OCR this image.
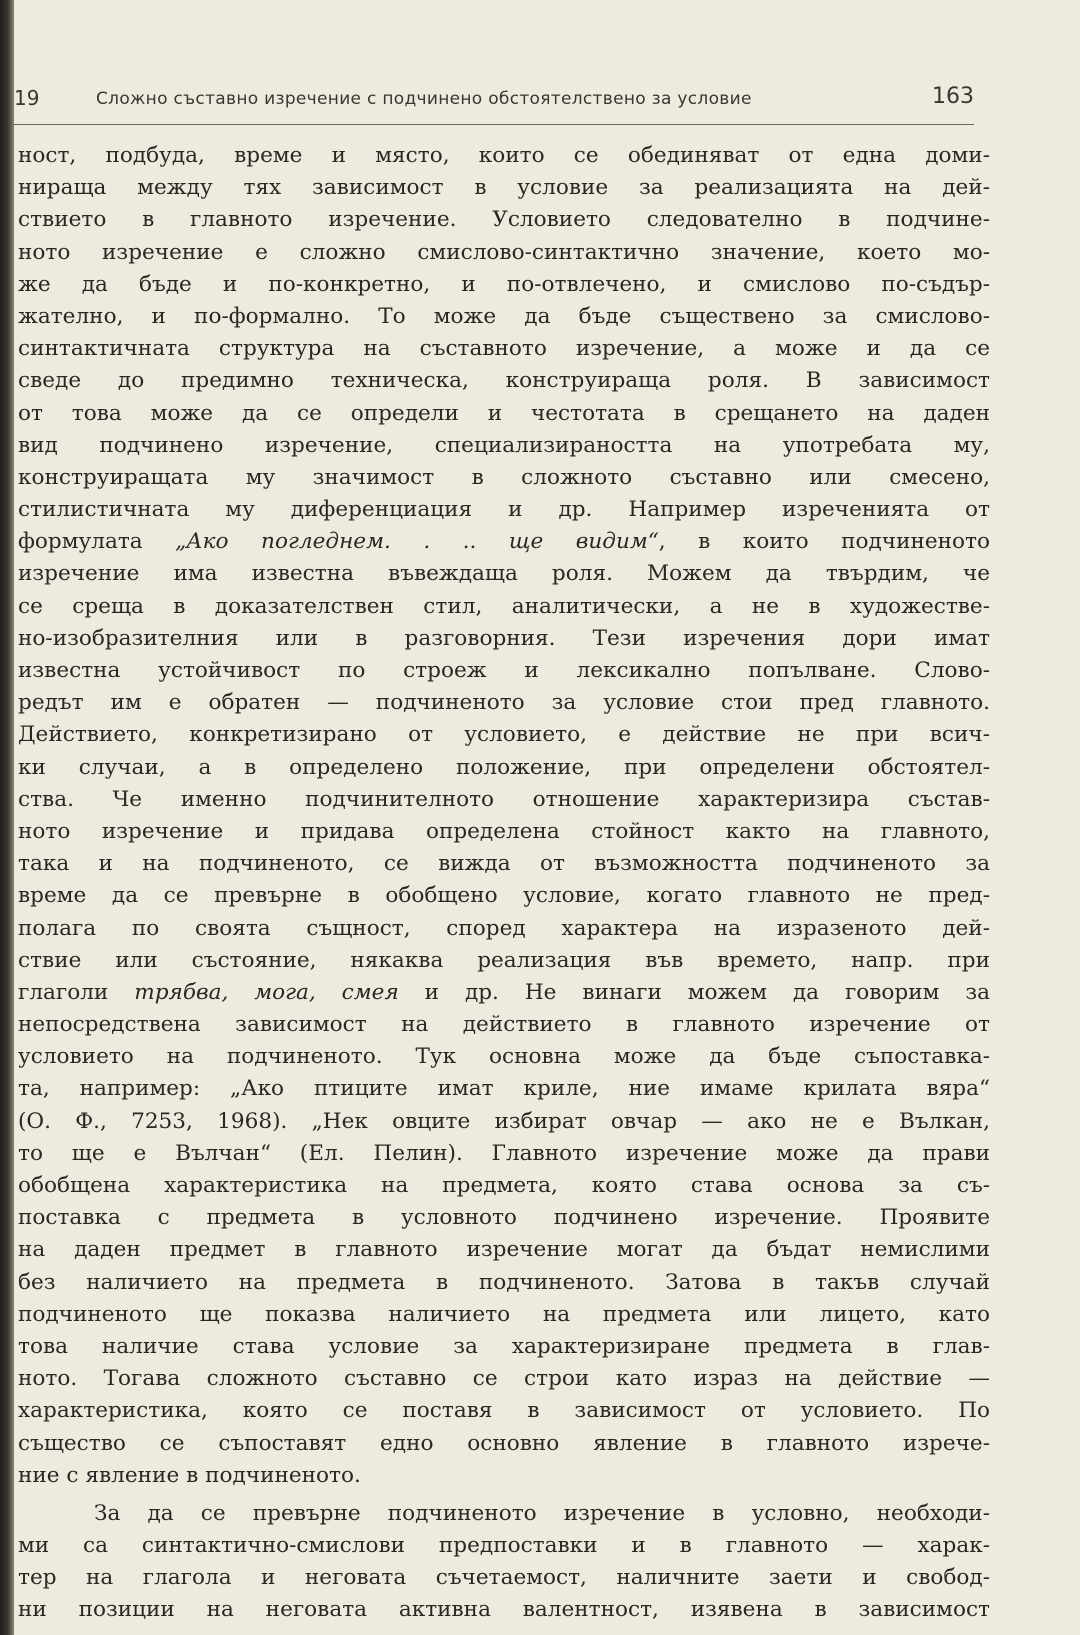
19	Сложно съставно изречение с подчинено обстоятелствено за условие	163
ност, подбуда, време и място, които се обединяват от една доми-
нираща между тях зависимост в условие за реализацията на дей-
ствието в главното изречение. Условието следователно в подчине-
ното изречение е сложно смислово-синтактично значение, което мо-
же да бъде и по-конкретно, и по-отвлечено, и смислово по-съдър-
жателно, и по-формално. То може да бъде съществено за смислово-
синтактичната структура на съставното изречение, а може и да се
сведе до предимно техническа, конструираща роля. В зависимост
от това може да се определи и честотата в срещането на даден
вид подчинено изречение, специализираността на употребата му,
конструиращата му значимост в сложното съставно или смесено,
стилистичната му диференциация и др. Например изреченията от
формулата „Ако погледнем. . .. ще видим“, в които подчиненото
изречение има известна въвеждаща роля. Можем да твърдим, че
се среща в доказателствен стил, аналитически, а не в художестве-
но-изобразителния или в разговорния. Тези изречения дори имат
известна устойчивост по строеж и лексикално попълване. Слово-
редът им е обратен — подчиненото за условие стои пред главното.
Действието, конкретизирано от условието, е действие не при всич-
ки случаи, а в определено положение, при определени обстоятел-
ства. Че именно подчинителното отношение характеризира състав-
ното изречение и придава определена стойност както на главното,
така и на подчиненото, се вижда от възможността подчиненото за
време да се превърне в обобщено условие, когато главното не пред-
полага по своята същност, според характера на изразеното дей-
ствие или състояние, някаква реализация във времето, напр. при
глаголи трябва, мога, смея и др. Не винаги можем да говорим за
непосредствена зависимост на действието в главното изречение от
условието на подчиненото. Тук основна може да бъде съпоставка-
та, например: „Ако птиците имат криле, ние имаме крилата вяра“
(О. Ф., 7253, 1968). „Нек овците избират овчар — ако не е Вълкан,
то ще е Вълчан“ (Ел. Пелин). Главното изречение може да прави
обобщена характеристика на предмета, която става основа за съ-
поставка с предмета в условното подчинено изречение. Проявите
на даден предмет в главното изречение могат да бъдат немислими
без наличието на предмета в подчиненото. Затова в такъв случай
подчиненото ще показва наличието на предмета или лицето, като
това наличие става условие за характеризиране предмета в глав-
ното. Тогава сложното съставно се строи като израз на действие —
характеристика, която се поставя в зависимост от условието. По
същество се съпоставят едно основно явление в главното изрече-
ние с явление в подчиненото.
За да се превърне подчиненото изречение в условно, необходи-
ми са синтактично-смислови предпоставки и в главното — харак-
тер на глагола и неговата съчетаемост, наличните заети и свобод-
ни позиции на неговата активна валентност, изявена в зависимост
